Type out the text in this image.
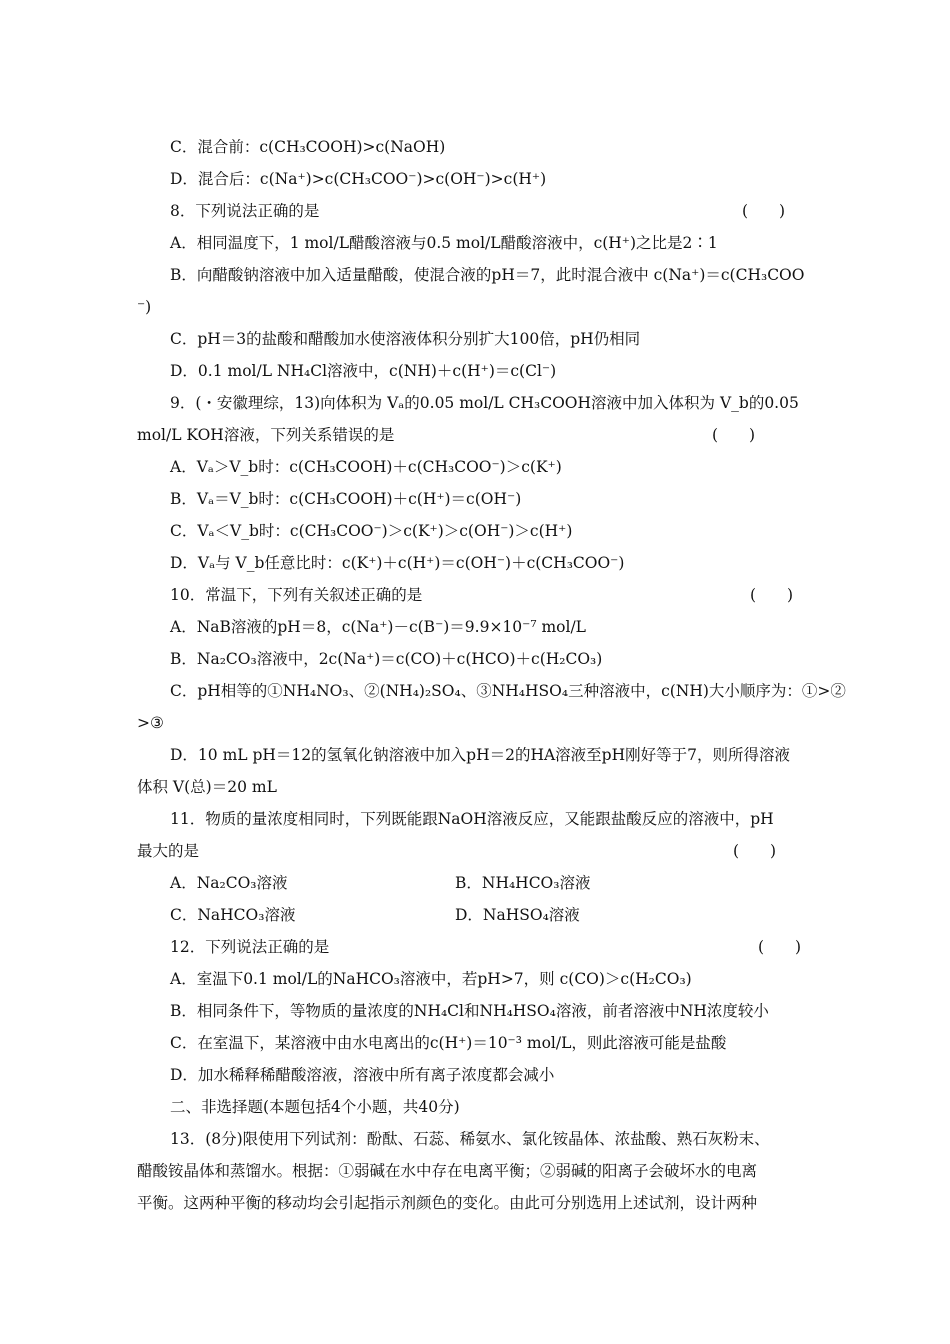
C．混合前：c(CH₃COOH)>c(NaOH)
D．混合后：c(Na⁺)>c(CH₃COO⁻)>c(OH⁻)>c(H⁺)
8．下列说法正确的是	(　　)
A．相同温度下，1 mol/L醋酸溶液与0.5 mol/L醋酸溶液中，c(H⁺)之比是2∶1
B．向醋酸钠溶液中加入适量醋酸，使混合液的pH＝7，此时混合液中 c(Na⁺)＝c(CH₃COO
⁻)
C．pH＝3的盐酸和醋酸加水使溶液体积分别扩大100倍，pH仍相同
D．0.1 mol/L NH₄Cl溶液中，c(NH)＋c(H⁺)＝c(Cl⁻)
9．(・安徽理综，13)向体积为 Vₐ的0.05 mol/L CH₃COOH溶液中加入体积为 V_b的0.05
mol/L KOH溶液，下列关系错误的是	(　　)
A．Vₐ＞V_b时：c(CH₃COOH)＋c(CH₃COO⁻)＞c(K⁺)
B．Vₐ＝V_b时：c(CH₃COOH)＋c(H⁺)＝c(OH⁻)
C．Vₐ＜V_b时：c(CH₃COO⁻)＞c(K⁺)＞c(OH⁻)＞c(H⁺)
D．Vₐ与 V_b任意比时：c(K⁺)＋c(H⁺)＝c(OH⁻)＋c(CH₃COO⁻)
10．常温下，下列有关叙述正确的是	(　　)
A．NaB溶液的pH＝8，c(Na⁺)－c(B⁻)＝9.9×10⁻⁷ mol/L
B．Na₂CO₃溶液中，2c(Na⁺)＝c(CO)＋c(HCO)＋c(H₂CO₃)
C．pH相等的①NH₄NO₃、②(NH₄)₂SO₄、③NH₄HSO₄三种溶液中，c(NH)大小顺序为：①>②
>③
D．10 mL pH＝12的氢氧化钠溶液中加入pH＝2的HA溶液至pH刚好等于7，则所得溶液
体积 V(总)＝20 mL
11．物质的量浓度相同时，下列既能跟NaOH溶液反应，又能跟盐酸反应的溶液中，pH
最大的是	(　　)
A．Na₂CO₃溶液	B．NH₄HCO₃溶液
C．NaHCO₃溶液	D．NaHSO₄溶液
12．下列说法正确的是	(　　)
A．室温下0.1 mol/L的NaHCO₃溶液中，若pH>7，则 c(CO)＞c(H₂CO₃)
B．相同条件下，等物质的量浓度的NH₄Cl和NH₄HSO₄溶液，前者溶液中NH浓度较小
C．在室温下，某溶液中由水电离出的c(H⁺)＝10⁻³ mol/L，则此溶液可能是盐酸
D．加水稀释稀醋酸溶液，溶液中所有离子浓度都会减小
二、非选择题(本题包括4个小题，共40分)
13．(8分)限使用下列试剂：酚酞、石蕊、稀氨水、氯化铵晶体、浓盐酸、熟石灰粉末、
醋酸铵晶体和蒸馏水。根据：①弱碱在水中存在电离平衡；②弱碱的阳离子会破坏水的电离
平衡。这两种平衡的移动均会引起指示剂颜色的变化。由此可分别选用上述试剂，设计两种
